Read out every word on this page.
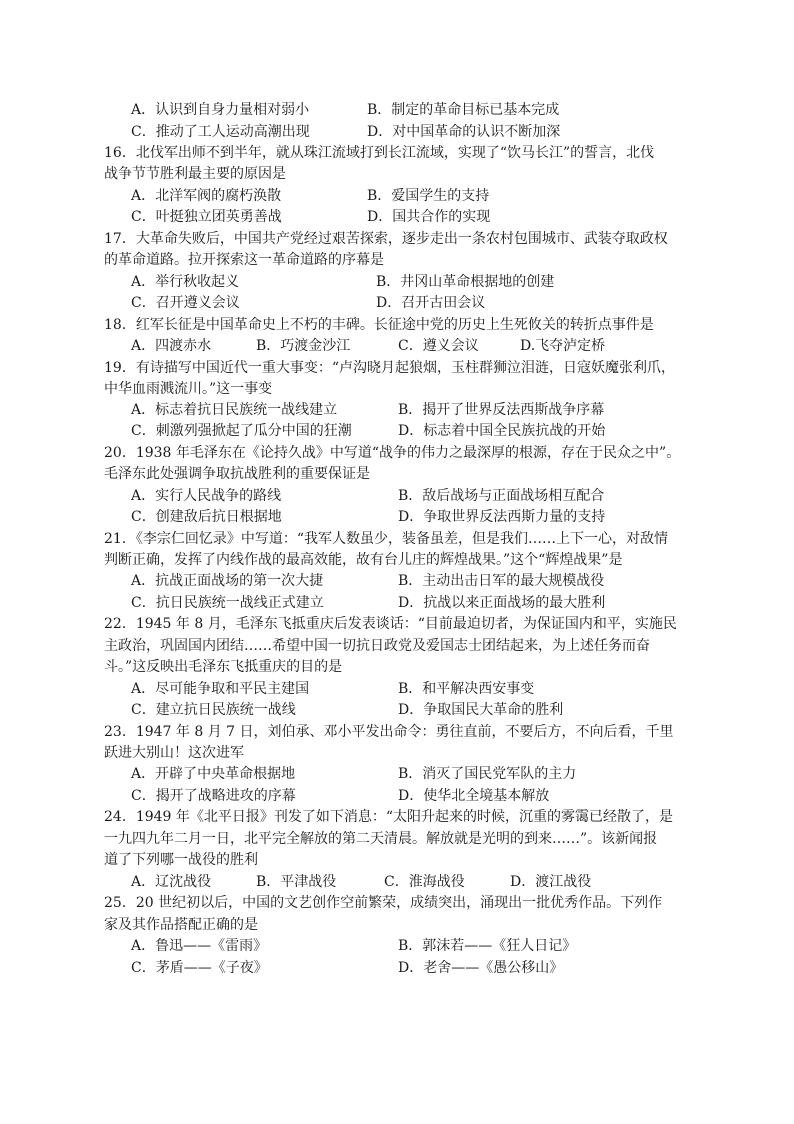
A．认识到自身力量相对弱小	B．制定的革命目标已基本完成
C．推动了工人运动高潮出现	D．对中国革命的认识不断加深
16．北伐军出师不到半年，就从珠江流域打到长江流域，实现了“饮马长江”的誓言，北伐
战争节节胜利最主要的原因是
A．北洋军阀的腐朽涣散	B．爱国学生的支持
C．叶挺独立团英勇善战	D．国共合作的实现
17．大革命失败后，中国共产党经过艰苦探索，逐步走出一条农村包围城市、武装夺取政权
的革命道路。拉开探索这一革命道路的序幕是
A．举行秋收起义	B．井冈山革命根据地的创建
C．召开遵义会议	D．召开古田会议
18．红军长征是中国革命史上不朽的丰碑。长征途中党的历史上生死攸关的转折点事件是
A．四渡赤水	B．巧渡金沙江	C．遵义会议	D.飞夺泸定桥
19．有诗描写中国近代一重大事变：“卢沟晓月起狼烟，玉柱群狮泣泪涟，日寇妖魔张利爪，
中华血雨溅流川。”这一事变
A．标志着抗日民族统一战线建立	B．揭开了世界反法西斯战争序幕
C．刺激列强掀起了瓜分中国的狂潮	D．标志着中国全民族抗战的开始
20．1938 年毛泽东在《论持久战》中写道“战争的伟力之最深厚的根源，存在于民众之中”。
毛泽东此处强调争取抗战胜利的重要保证是
A．实行人民战争的路线	B．敌后战场与正面战场相互配合
C．创建敌后抗日根据地	D．争取世界反法西斯力量的支持
21．《李宗仁回忆录》中写道：“我军人数虽少，装备虽差，但是我们……上下一心，对敌情
判断正确，发挥了内线作战的最高效能，故有台儿庄的辉煌战果。”这个“辉煌战果”是
A．抗战正面战场的第一次大捷	B．主动出击日军的最大规模战役
C．抗日民族统一战线正式建立	D．抗战以来正面战场的最大胜利
22．1945 年 8 月，毛泽东飞抵重庆后发表谈话：“目前最迫切者，为保证国内和平，实施民
主政治，巩固国内团结……希望中国一切抗日政党及爱国志士团结起来，为上述任务而奋
斗。”这反映出毛泽东飞抵重庆的目的是
A．尽可能争取和平民主建国	B．和平解决西安事变
C．建立抗日民族统一战线	D．争取国民大革命的胜利
23．1947 年 8 月 7 日，刘伯承、邓小平发出命令：勇往直前，不要后方，不向后看，千里
跃进大别山！这次进军
A．开辟了中央革命根据地	B．消灭了国民党军队的主力
C．揭开了战略进攻的序幕	D．使华北全境基本解放
24．1949 年《北平日报》刊发了如下消息：“太阳升起来的时候，沉重的雾霭已经散了，是
一九四九年二月一日，北平完全解放的第二天清晨。解放就是光明的到来……”。该新闻报
道了下列哪一战役的胜利
A．辽沈战役	B．平津战役	C．淮海战役	D．渡江战役
25．20 世纪初以后，中国的文艺创作空前繁荣，成绩突出，涌现出一批优秀作品。下列作
家及其作品搭配正确的是
A．鲁迅——《雷雨》	B．郭沫若——《狂人日记》
C．茅盾——《子夜》	D．老舍——《愚公移山》
